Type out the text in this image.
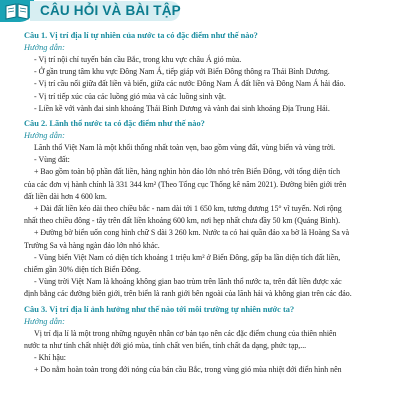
CÂU HỎI VÀ BÀI TẬP
Câu 1. Vị trí địa lí tự nhiên của nước ta có đặc điểm như thế nào?
Hướng dẫn:
- Vị trí nội chí tuyến bán cầu Bắc, trong khu vực châu Á gió mùa.
- Ở gần trung tâm khu vực Đông Nam Á, tiếp giáp với Biển Đông thông ra Thái Bình Dương.
- Vị trí cầu nối giữa đất liền và biển, giữa các nước Đông Nam Á đất liền và Đông Nam Á hải đảo.
- Vị trí tiếp xúc của các luồng gió mùa và các luồng sinh vật.
- Liền kề với vành đai sinh khoáng Thái Bình Dương và vành đai sinh khoáng Địa Trung Hải.
Câu 2. Lãnh thổ nước ta có đặc điểm như thế nào?
Hướng dẫn:
Lãnh thổ Việt Nam là một khối thống nhất toàn vẹn, bao gồm vùng đất, vùng biển và vùng trời.
- Vùng đất:
+ Bao gồm toàn bộ phần đất liền, hàng nghìn hòn đảo lớn nhỏ trên Biển Đông, với tổng diện tích
của các đơn vị hành chính là 331 344 km² (Theo Tổng cục Thống kê năm 2021). Đường biên giới trên
đất liền dài hơn 4 600 km.
+ Dài đất liền kéo dài theo chiều bắc - nam dài tới 1 650 km, tương đương 15° vĩ tuyến. Nơi rộng
nhất theo chiều đông - tây trên đất liền khoảng 600 km, nơi hẹp nhất chưa đầy 50 km (Quảng Bình).
+ Đường bờ biển uốn cong hình chữ S dài 3 260 km. Nước ta có hai quần đảo xa bờ là Hoàng Sa và
Trường Sa và hàng ngàn đảo lớn nhỏ khác.
- Vùng biển Việt Nam có diện tích khoảng 1 triệu km² ở Biển Đông, gấp ba lần diện tích đất liền,
chiếm gần 30% diện tích Biển Đông.
- Vùng trời Việt Nam là khoảng không gian bao trùm trên lãnh thổ nước ta, trên đất liền được xác
định bằng các đường biên giới, trên biển là ranh giới bên ngoài của lãnh hải và không gian trên các đảo.
Câu 3. Vị trí địa lí ảnh hưởng như thế nào tới môi trường tự nhiên nước ta?
Hướng dẫn:
Vị trí địa lí là một trong những nguyên nhân cơ bản tạo nên các đặc điểm chung của thiên nhiên
nước ta như tính chất nhiệt đới gió mùa, tính chất ven biển, tính chất đa dạng, phức tạp,...
- Khí hậu:
+ Do nằm hoàn toàn trong đới nóng của bán cầu Bắc, trong vùng gió mùa nhiệt đới điển hình nên
